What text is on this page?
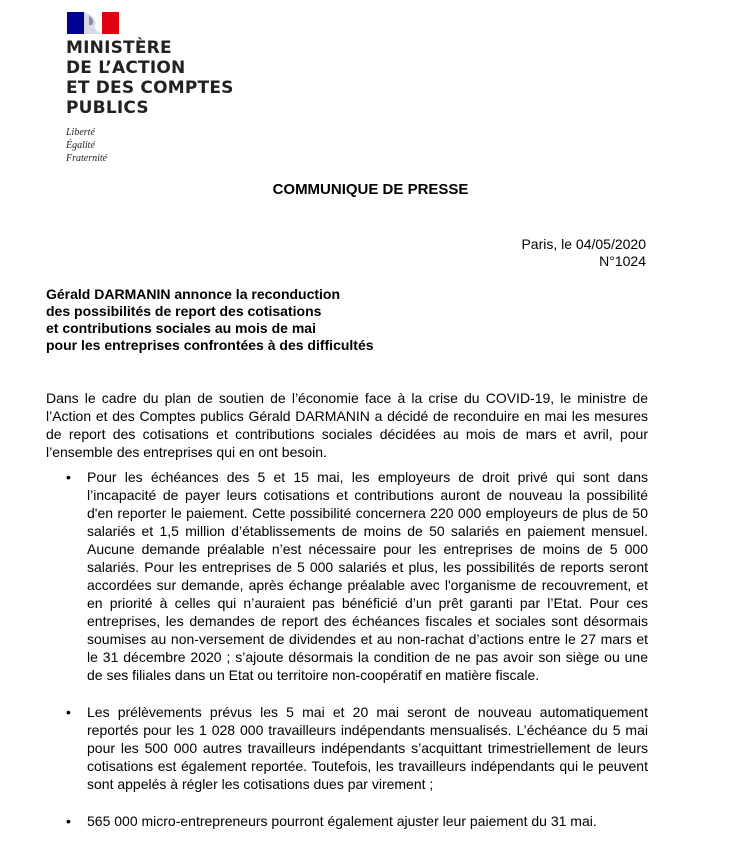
MINISTÈRE
DE L’ACTION
ET DES COMPTES
PUBLICS

Liberté
Égalité
Fraternité

COMMUNIQUE DE PRESSE
Paris, le 04/05/2020
N°1024
Gérald DARMANIN annonce la reconduction
des possibilités de report des cotisations
et contributions sociales au mois de mai
pour les entreprises confrontées à des difficultés

Dans le cadre du plan de soutien de l’économie face à la crise du COVID-19, le ministre de l’Action et des Comptes publics Gérald DARMANIN a décidé de reconduire en mai les mesures de report des cotisations et contributions sociales décidées au mois de mars et avril, pour l’ensemble des entreprises qui en ont besoin.

• Pour les échéances des 5 et 15 mai, les employeurs de droit privé qui sont dans l’incapacité de payer leurs cotisations et contributions auront de nouveau la possibilité d'en reporter le paiement. Cette possibilité concernera 220 000 employeurs de plus de 50 salariés et 1,5 million d’établissements de moins de 50 salariés en paiement mensuel. Aucune demande préalable n’est nécessaire pour les entreprises de moins de 5 000 salariés. Pour les entreprises de 5 000 salariés et plus, les possibilités de reports seront accordées sur demande, après échange préalable avec l'organisme de recouvrement, et en priorité à celles qui n’auraient pas bénéficié d’un prêt garanti par l’Etat. Pour ces entreprises, les demandes de report des échéances fiscales et sociales sont désormais soumises au non-versement de dividendes et au non-rachat d’actions entre le 27 mars et le 31 décembre 2020 ; s’ajoute désormais la condition de ne pas avoir son siège ou une de ses filiales dans un Etat ou territoire non-coopératif en matière fiscale.
• Les prélèvements prévus les 5 mai et 20 mai seront de nouveau automatiquement reportés pour les 1 028 000 travailleurs indépendants mensualisés. L’échéance du 5 mai pour les 500 000 autres travailleurs indépendants s’acquittant trimestriellement de leurs cotisations est également reportée. Toutefois, les travailleurs indépendants qui le peuvent sont appelés à régler les cotisations dues par virement ;
• 565 000 micro-entrepreneurs pourront également ajuster leur paiement du 31 mai.
